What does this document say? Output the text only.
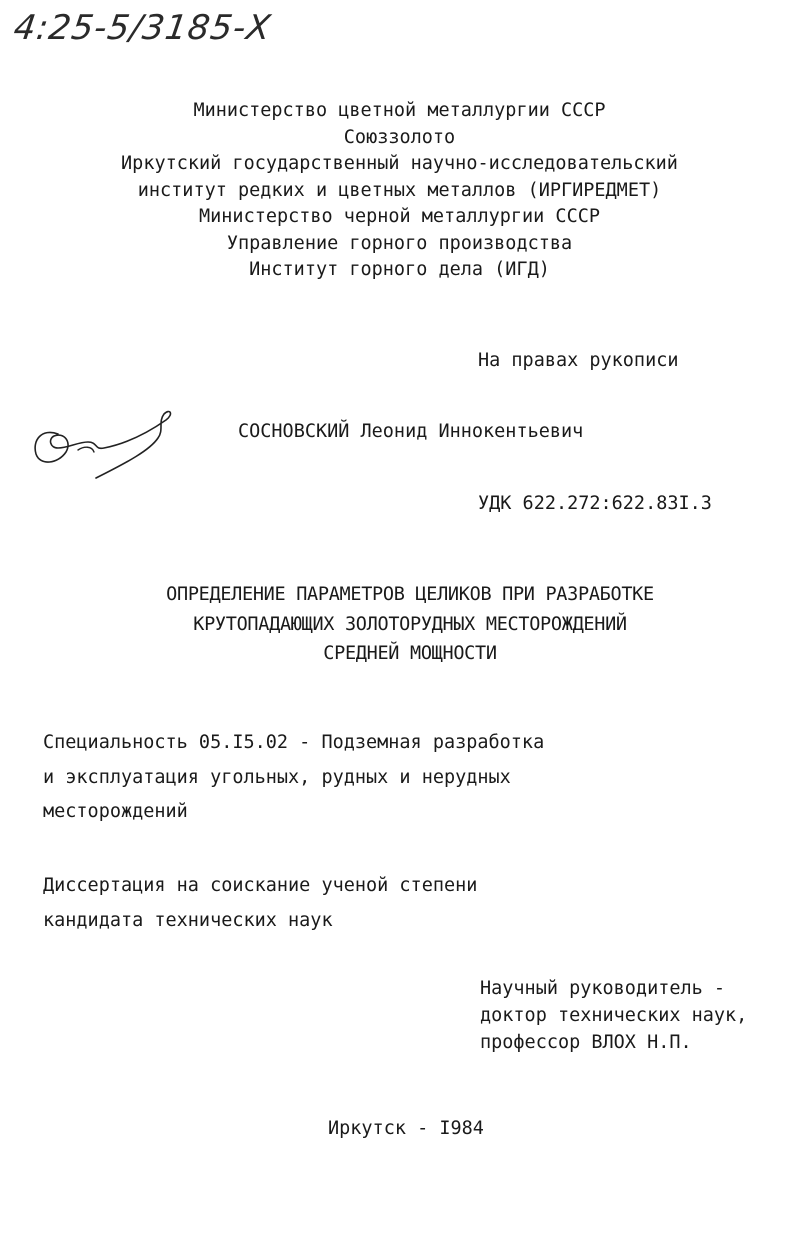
4:25-5/3185-Х
Министерство цветной металлургии СССР
Союззолото
Иркутский государственный научно-исследовательский
институт редких и цветных металлов (ИРГИРЕДМЕТ)
Министерство черной металлургии СССР
Управление горного производства
Институт горного дела (ИГД)
На правах рукописи
СОСНОВСКИЙ Леонид Иннокентьевич
УДК 622.272:622.83I.3
ОПРЕДЕЛЕНИЕ ПАРАМЕТРОВ ЦЕЛИКОВ ПРИ РАЗРАБОТКЕ
КРУТОПАДАЮЩИХ ЗОЛОТОРУДНЫХ МЕСТОРОЖДЕНИЙ
СРЕДНЕЙ МОЩНОСТИ
Специальность 05.I5.02 - Подземная разработка
и эксплуатация угольных, рудных и нерудных
месторождений
Диссертация на соискание ученой степени
кандидата технических наук
Научный руководитель -
доктор технических наук,
профессор ВЛОХ Н.П.
Иркутск - I984
